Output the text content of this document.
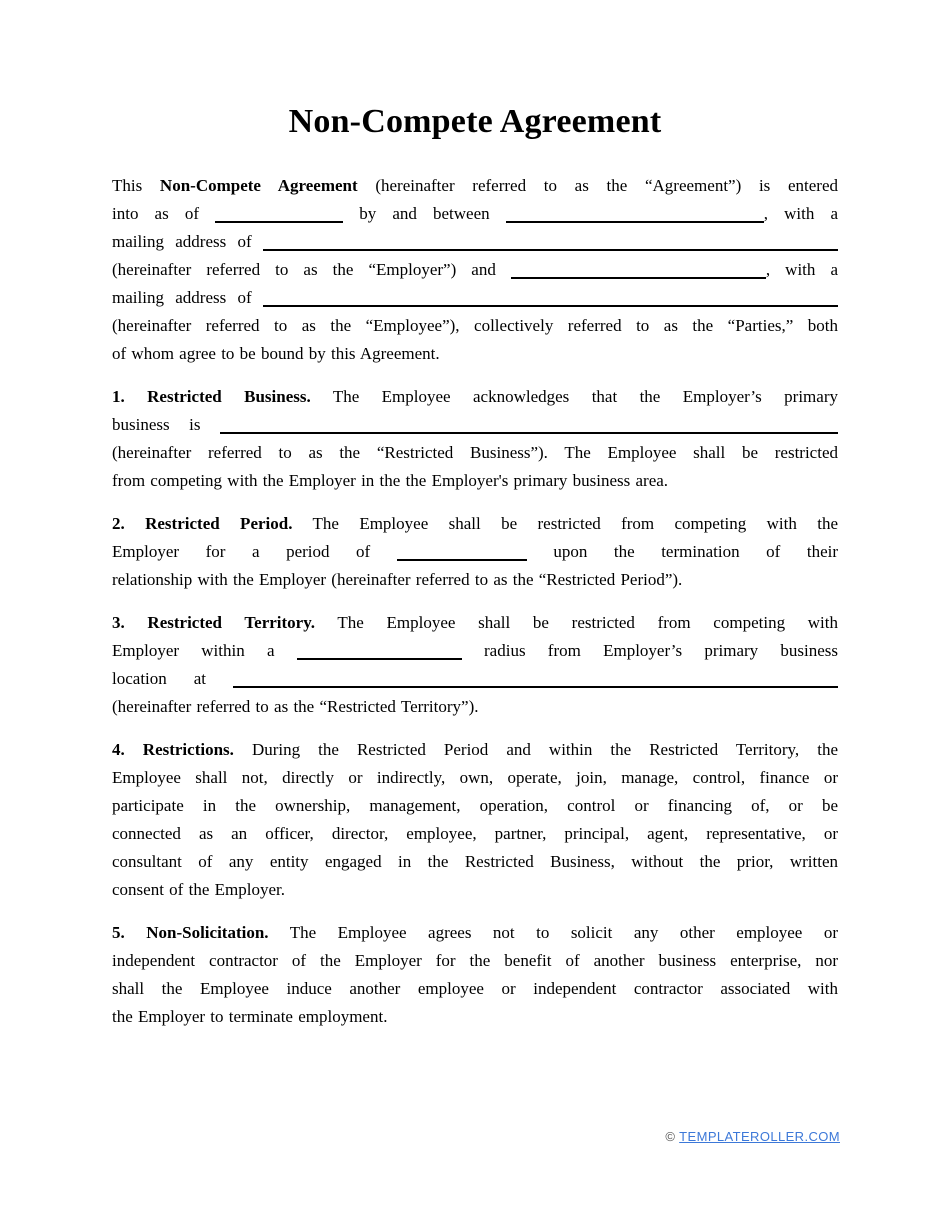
Non-Compete Agreement
This Non-Compete Agreement (hereinafter referred to as the “Agreement”) is entered
into as of	by and between	, with a
mailing address of
(hereinafter referred to as the “Employer”) and	, with a
mailing address of
(hereinafter referred to as the “Employee”), collectively referred to as the “Parties,” both
of whom agree to be bound by this Agreement.
1. Restricted Business. The Employee acknowledges that the Employer’s primary
business is
(hereinafter referred to as the “Restricted Business”). The Employee shall be restricted
from competing with the Employer in the the Employer's primary business area.
2. Restricted Period. The Employee shall be restricted from competing with the
Employer for a period of	upon the termination of their
relationship with the Employer (hereinafter referred to as the “Restricted Period”).
3. Restricted Territory. The Employee shall be restricted from competing with
Employer within a	radius from Employer’s primary business
location at
(hereinafter referred to as the “Restricted Territory”).
4. Restrictions. During the Restricted Period and within the Restricted Territory, the
Employee shall not, directly or indirectly, own, operate, join, manage, control, finance or
participate in the ownership, management, operation, control or financing of, or be
connected as an officer, director, employee, partner, principal, agent, representative, or
consultant of any entity engaged in the Restricted Business, without the prior, written
consent of the Employer.
5. Non-Solicitation. The Employee agrees not to solicit any other employee or
independent contractor of the Employer for the benefit of another business enterprise, nor
shall the Employee induce another employee or independent contractor associated with
the Employer to terminate employment.
© TEMPLATEROLLER.COM
